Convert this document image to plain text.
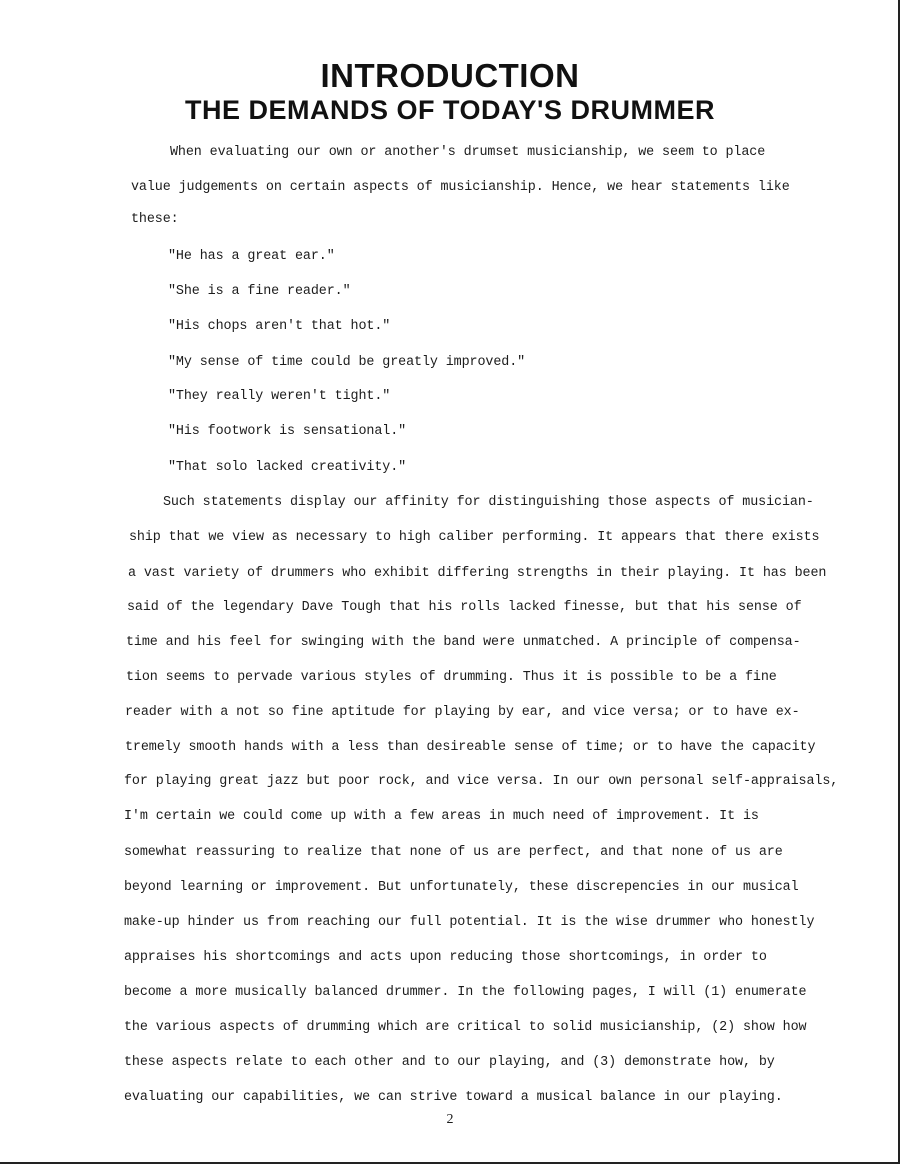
INTRODUCTION
THE DEMANDS OF TODAY'S DRUMMER
When evaluating our own or another's drumset musicianship, we seem to place
value judgements on certain aspects of musicianship. Hence, we hear statements like
these:
"He has a great ear."
"She is a fine reader."
"His chops aren't that hot."
"My sense of time could be greatly improved."
"They really weren't tight."
"His footwork is sensational."
"That solo lacked creativity."
Such statements display our affinity for distinguishing those aspects of musician-
ship that we view as necessary to high caliber performing. It appears that there exists
a vast variety of drummers who exhibit differing strengths in their playing. It has been
said of the legendary Dave Tough that his rolls lacked finesse, but that his sense of
time and his feel for swinging with the band were unmatched. A principle of compensa-
tion seems to pervade various styles of drumming. Thus it is possible to be a fine
reader with a not so fine aptitude for playing by ear, and vice versa; or to have ex-
tremely smooth hands with a less than desireable sense of time; or to have the capacity
for playing great jazz but poor rock, and vice versa. In our own personal self-appraisals,
I'm certain we could come up with a few areas in much need of improvement. It is
somewhat reassuring to realize that none of us are perfect, and that none of us are
beyond learning or improvement. But unfortunately, these discrepencies in our musical
make-up hinder us from reaching our full potential. It is the wise drummer who honestly
appraises his shortcomings and acts upon reducing those shortcomings, in order to
become a more musically balanced drummer. In the following pages, I will (1) enumerate
the various aspects of drumming which are critical to solid musicianship, (2) show how
these aspects relate to each other and to our playing, and (3) demonstrate how, by
evaluating our capabilities, we can strive toward a musical balance in our playing.
2
